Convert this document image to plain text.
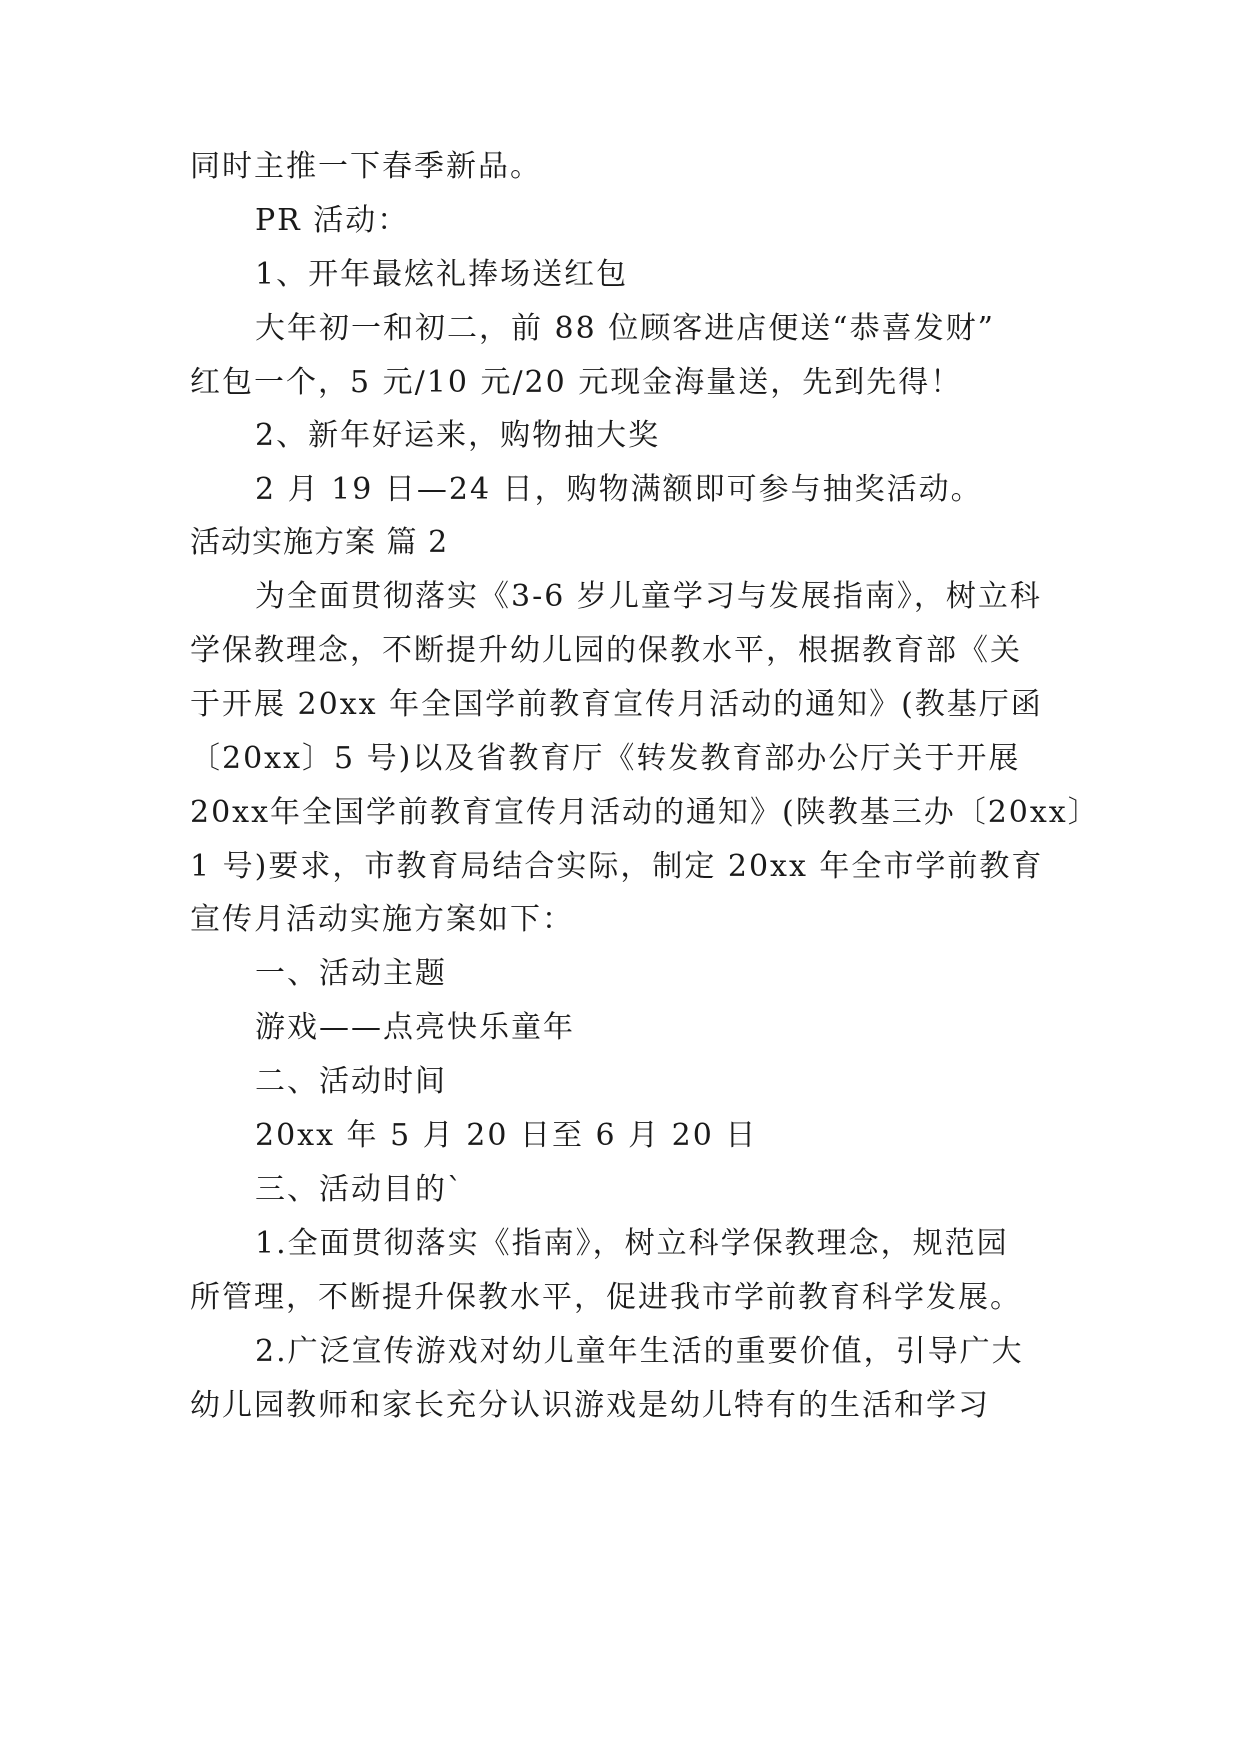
同时主推一下春季新品。

PR 活动：

1、开年最炫礼捧场送红包

大年初一和初二，前 88 位顾客进店便送“恭喜发财”

红包一个，5 元/10 元/20 元现金海量送，先到先得！

2、新年好运来，购物抽大奖

2 月 19 日—24 日，购物满额即可参与抽奖活动。

活动实施方案 篇 2

为全面贯彻落实《3-6 岁儿童学习与发展指南》，树立科

学保教理念，不断提升幼儿园的保教水平，根据教育部《关

于开展 20xx 年全国学前教育宣传月活动的通知》(教基厅函

〔20xx〕5 号)以及省教育厅《转发教育部办公厅关于开展

20xx年全国学前教育宣传月活动的通知》(陕教基三办〔20xx〕

1 号)要求，市教育局结合实际，制定 20xx 年全市学前教育

宣传月活动实施方案如下：

一、活动主题

游戏——点亮快乐童年

二、活动时间

20xx 年 5 月 20 日至 6 月 20 日

三、活动目的`

1.全面贯彻落实《指南》，树立科学保教理念，规范园

所管理，不断提升保教水平，促进我市学前教育科学发展。

2.广泛宣传游戏对幼儿童年生活的重要价值，引导广大

幼儿园教师和家长充分认识游戏是幼儿特有的生活和学习
